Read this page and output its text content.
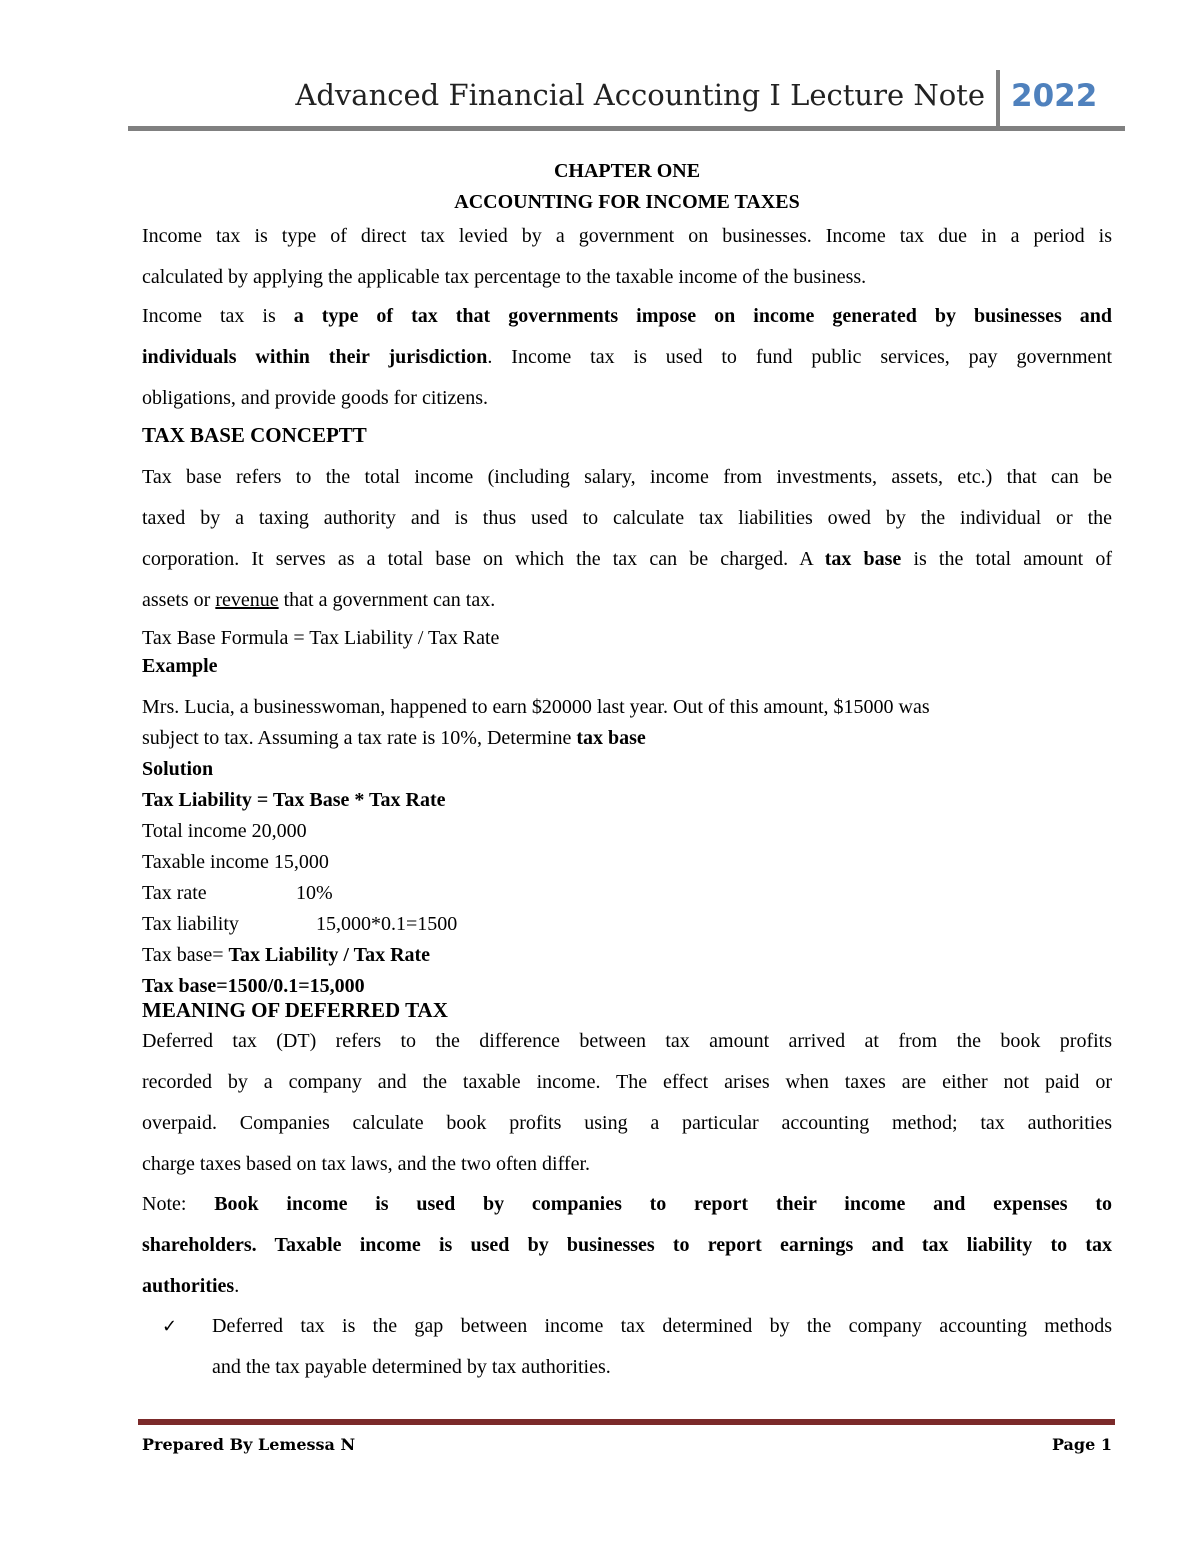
Advanced Financial Accounting I Lecture Note 2022
CHAPTER ONE
ACCOUNTING FOR INCOME TAXES
Income tax is type of direct tax levied by a government on businesses. Income tax due in a period is
calculated by applying the applicable tax percentage to the taxable income of the business.
Income tax is a type of tax that governments impose on income generated by businesses and
individuals within their jurisdiction. Income tax is used to fund public services, pay government
obligations, and provide goods for citizens.
TAX BASE CONCEPTT
Tax base refers to the total income (including salary, income from investments, assets, etc.) that can be
taxed by a taxing authority and is thus used to calculate tax liabilities owed by the individual or the
corporation. It serves as a total base on which the tax can be charged. A tax base is the total amount of
assets or revenue that a government can tax.
Tax Base Formula = Tax Liability / Tax Rate
Example
Mrs. Lucia, a businesswoman, happened to earn $20000 last year. Out of this amount, $15000 was
subject to tax. Assuming a tax rate is 10%, Determine tax base
Solution
Tax Liability = Tax Base * Tax Rate
Total income 20,000
Taxable income 15,000
Tax rate	10%
Tax liability	15,000*0.1=1500
Tax base= Tax Liability / Tax Rate
Tax base=1500/0.1=15,000
MEANING OF DEFERRED TAX
Deferred tax (DT) refers to the difference between tax amount arrived at from the book profits
recorded by a company and the taxable income. The effect arises when taxes are either not paid or
overpaid. Companies calculate book profits using a particular accounting method; tax authorities
charge taxes based on tax laws, and the two often differ.
Note: Book income is used by companies to report their income and expenses to
shareholders. Taxable income is used by businesses to report earnings and tax liability to tax
authorities.
✓ Deferred tax is the gap between income tax determined by the company accounting methods
and the tax payable determined by tax authorities.
Prepared By Lemessa N	Page 1
